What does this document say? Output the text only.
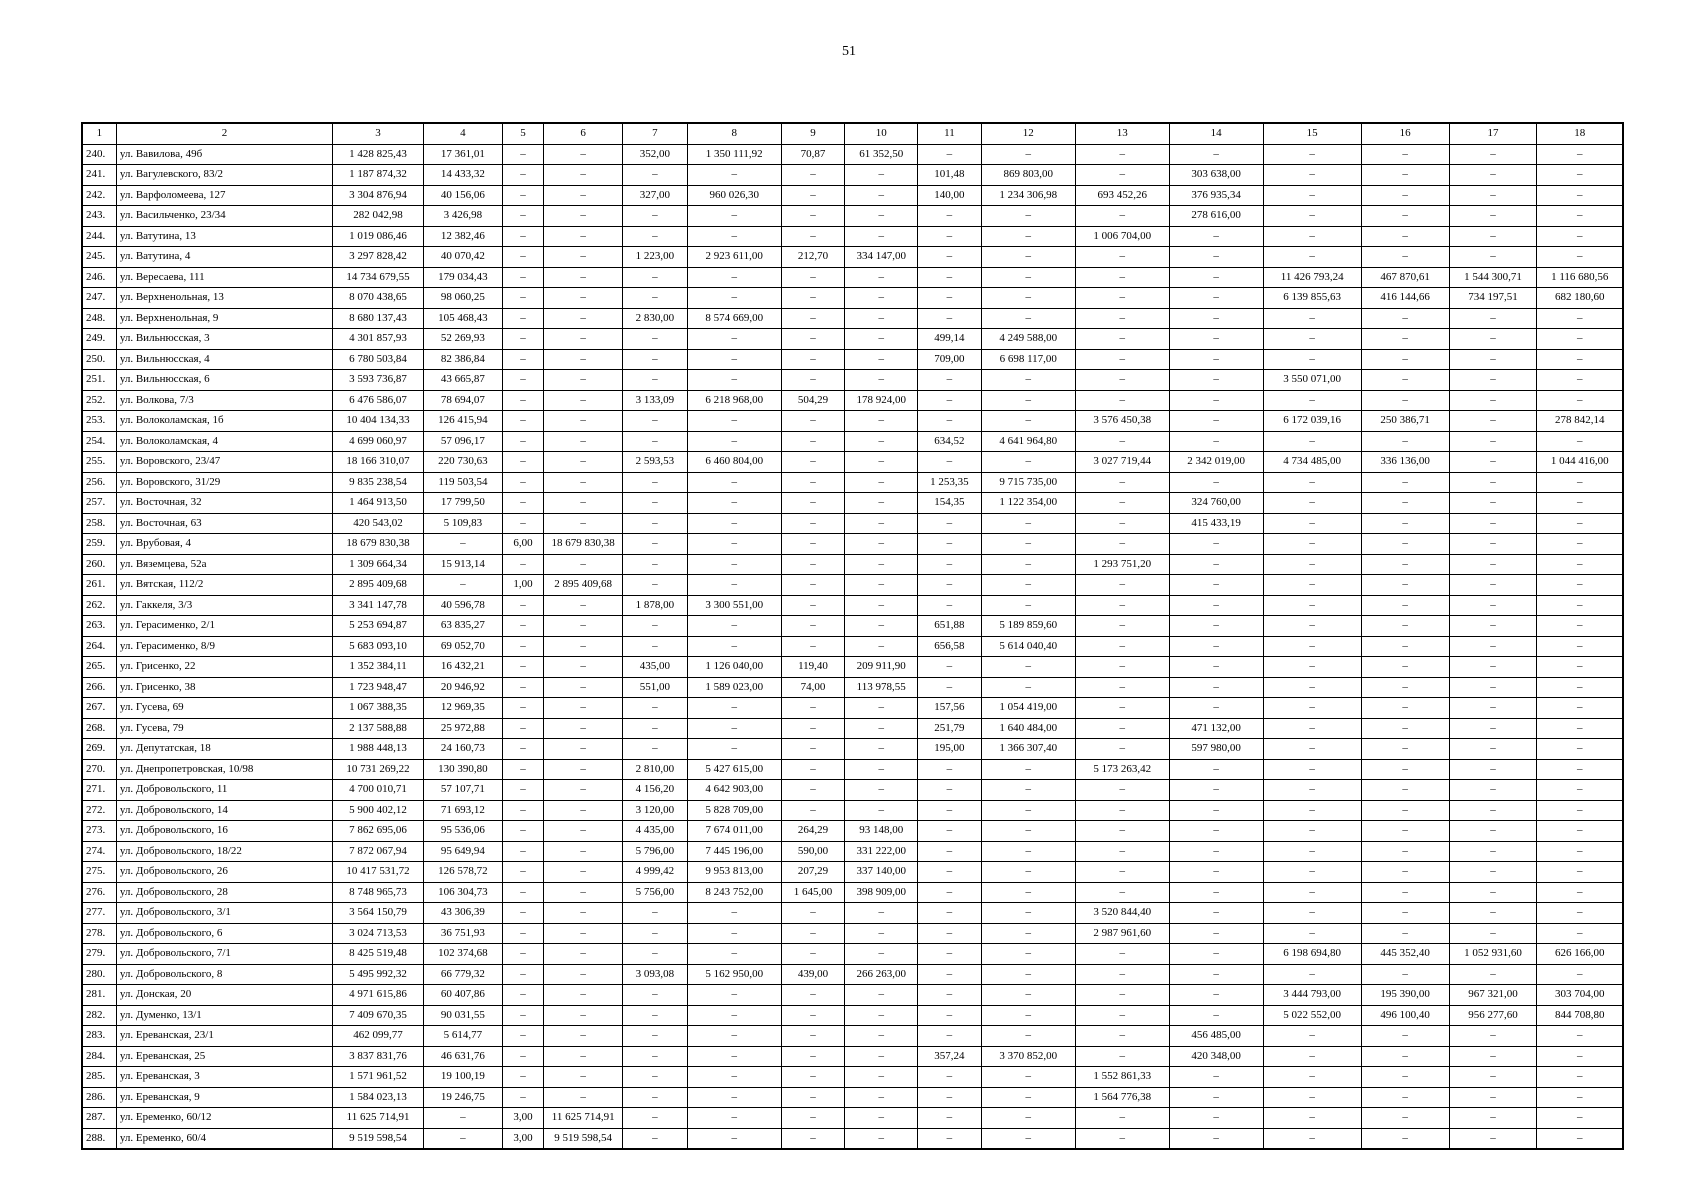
51
1	2	3	4	5	6	7	8	9	10	11	12	13	14	15	16	17	18
240.	ул. Вавилова, 49б	1 428 825,43	17 361,01	–	–	352,00	1 350 111,92	70,87	61 352,50	–	–	–	–	–	–	–	–
241.	ул. Вагулевского, 83/2	1 187 874,32	14 433,32	–	–	–	–	–	–	101,48	869 803,00	–	303 638,00	–	–	–	–
242.	ул. Варфоломеева, 127	3 304 876,94	40 156,06	–	–	327,00	960 026,30	–	–	140,00	1 234 306,98	693 452,26	376 935,34	–	–	–	–
243.	ул. Васильченко, 23/34	282 042,98	3 426,98	–	–	–	–	–	–	–	–	–	278 616,00	–	–	–	–
244.	ул. Ватутина, 13	1 019 086,46	12 382,46	–	–	–	–	–	–	–	–	1 006 704,00	–	–	–	–	–
245.	ул. Ватутина, 4	3 297 828,42	40 070,42	–	–	1 223,00	2 923 611,00	212,70	334 147,00	–	–	–	–	–	–	–	–
246.	ул. Вересаева, 111	14 734 679,55	179 034,43	–	–	–	–	–	–	–	–	–	–	11 426 793,24	467 870,61	1 544 300,71	1 116 680,56
247.	ул. Верхненольная, 13	8 070 438,65	98 060,25	–	–	–	–	–	–	–	–	–	–	6 139 855,63	416 144,66	734 197,51	682 180,60
248.	ул. Верхненольная, 9	8 680 137,43	105 468,43	–	–	2 830,00	8 574 669,00	–	–	–	–	–	–	–	–	–	–
249.	ул. Вильнюсская, 3	4 301 857,93	52 269,93	–	–	–	–	–	–	499,14	4 249 588,00	–	–	–	–	–	–
250.	ул. Вильнюсская, 4	6 780 503,84	82 386,84	–	–	–	–	–	–	709,00	6 698 117,00	–	–	–	–	–	–
251.	ул. Вильнюсская, 6	3 593 736,87	43 665,87	–	–	–	–	–	–	–	–	–	–	3 550 071,00	–	–	–
252.	ул. Волкова, 7/3	6 476 586,07	78 694,07	–	–	3 133,09	6 218 968,00	504,29	178 924,00	–	–	–	–	–	–	–	–
253.	ул. Волоколамская, 1б	10 404 134,33	126 415,94	–	–	–	–	–	–	–	–	3 576 450,38	–	6 172 039,16	250 386,71	–	278 842,14
254.	ул. Волоколамская, 4	4 699 060,97	57 096,17	–	–	–	–	–	–	634,52	4 641 964,80	–	–	–	–	–	–
255.	ул. Воровского, 23/47	18 166 310,07	220 730,63	–	–	2 593,53	6 460 804,00	–	–	–	–	3 027 719,44	2 342 019,00	4 734 485,00	336 136,00	–	1 044 416,00
256.	ул. Воровского, 31/29	9 835 238,54	119 503,54	–	–	–	–	–	–	1 253,35	9 715 735,00	–	–	–	–	–	–
257.	ул. Восточная, 32	1 464 913,50	17 799,50	–	–	–	–	–	–	154,35	1 122 354,00	–	324 760,00	–	–	–	–
258.	ул. Восточная, 63	420 543,02	5 109,83	–	–	–	–	–	–	–	–	–	415 433,19	–	–	–	–
259.	ул. Врубовая, 4	18 679 830,38	–	6,00	18 679 830,38	–	–	–	–	–	–	–	–	–	–	–	–
260.	ул. Вяземцева, 52а	1 309 664,34	15 913,14	–	–	–	–	–	–	–	–	1 293 751,20	–	–	–	–	–
261.	ул. Вятская, 112/2	2 895 409,68	–	1,00	2 895 409,68	–	–	–	–	–	–	–	–	–	–	–	–
262.	ул. Гаккеля, 3/3	3 341 147,78	40 596,78	–	–	1 878,00	3 300 551,00	–	–	–	–	–	–	–	–	–	–
263.	ул. Герасименко, 2/1	5 253 694,87	63 835,27	–	–	–	–	–	–	651,88	5 189 859,60	–	–	–	–	–	–
264.	ул. Герасименко, 8/9	5 683 093,10	69 052,70	–	–	–	–	–	–	656,58	5 614 040,40	–	–	–	–	–	–
265.	ул. Грисенко, 22	1 352 384,11	16 432,21	–	–	435,00	1 126 040,00	119,40	209 911,90	–	–	–	–	–	–	–	–
266.	ул. Грисенко, 38	1 723 948,47	20 946,92	–	–	551,00	1 589 023,00	74,00	113 978,55	–	–	–	–	–	–	–	–
267.	ул. Гусева, 69	1 067 388,35	12 969,35	–	–	–	–	–	–	157,56	1 054 419,00	–	–	–	–	–	–
268.	ул. Гусева, 79	2 137 588,88	25 972,88	–	–	–	–	–	–	251,79	1 640 484,00	–	471 132,00	–	–	–	–
269.	ул. Депутатская, 18	1 988 448,13	24 160,73	–	–	–	–	–	–	195,00	1 366 307,40	–	597 980,00	–	–	–	–
270.	ул. Днепропетровская, 10/98	10 731 269,22	130 390,80	–	–	2 810,00	5 427 615,00	–	–	–	–	5 173 263,42	–	–	–	–	–
271.	ул. Добровольского, 11	4 700 010,71	57 107,71	–	–	4 156,20	4 642 903,00	–	–	–	–	–	–	–	–	–	–
272.	ул. Добровольского, 14	5 900 402,12	71 693,12	–	–	3 120,00	5 828 709,00	–	–	–	–	–	–	–	–	–	–
273.	ул. Добровольского, 16	7 862 695,06	95 536,06	–	–	4 435,00	7 674 011,00	264,29	93 148,00	–	–	–	–	–	–	–	–
274.	ул. Добровольского, 18/22	7 872 067,94	95 649,94	–	–	5 796,00	7 445 196,00	590,00	331 222,00	–	–	–	–	–	–	–	–
275.	ул. Добровольского, 26	10 417 531,72	126 578,72	–	–	4 999,42	9 953 813,00	207,29	337 140,00	–	–	–	–	–	–	–	–
276.	ул. Добровольского, 28	8 748 965,73	106 304,73	–	–	5 756,00	8 243 752,00	1 645,00	398 909,00	–	–	–	–	–	–	–	–
277.	ул. Добровольского, 3/1	3 564 150,79	43 306,39	–	–	–	–	–	–	–	–	3 520 844,40	–	–	–	–	–
278.	ул. Добровольского, 6	3 024 713,53	36 751,93	–	–	–	–	–	–	–	–	2 987 961,60	–	–	–	–	–
279.	ул. Добровольского, 7/1	8 425 519,48	102 374,68	–	–	–	–	–	–	–	–	–	–	6 198 694,80	445 352,40	1 052 931,60	626 166,00
280.	ул. Добровольского, 8	5 495 992,32	66 779,32	–	–	3 093,08	5 162 950,00	439,00	266 263,00	–	–	–	–	–	–	–	–
281.	ул. Донская, 20	4 971 615,86	60 407,86	–	–	–	–	–	–	–	–	–	–	3 444 793,00	195 390,00	967 321,00	303 704,00
282.	ул. Думенко, 13/1	7 409 670,35	90 031,55	–	–	–	–	–	–	–	–	–	–	5 022 552,00	496 100,40	956 277,60	844 708,80
283.	ул. Ереванская, 23/1	462 099,77	5 614,77	–	–	–	–	–	–	–	–	–	456 485,00	–	–	–	–
284.	ул. Ереванская, 25	3 837 831,76	46 631,76	–	–	–	–	–	–	357,24	3 370 852,00	–	420 348,00	–	–	–	–
285.	ул. Ереванская, 3	1 571 961,52	19 100,19	–	–	–	–	–	–	–	–	1 552 861,33	–	–	–	–	–
286.	ул. Ереванская, 9	1 584 023,13	19 246,75	–	–	–	–	–	–	–	–	1 564 776,38	–	–	–	–	–
287.	ул. Еременко, 60/12	11 625 714,91	–	3,00	11 625 714,91	–	–	–	–	–	–	–	–	–	–	–	–
288.	ул. Еременко, 60/4	9 519 598,54	–	3,00	9 519 598,54	–	–	–	–	–	–	–	–	–	–	–	–
